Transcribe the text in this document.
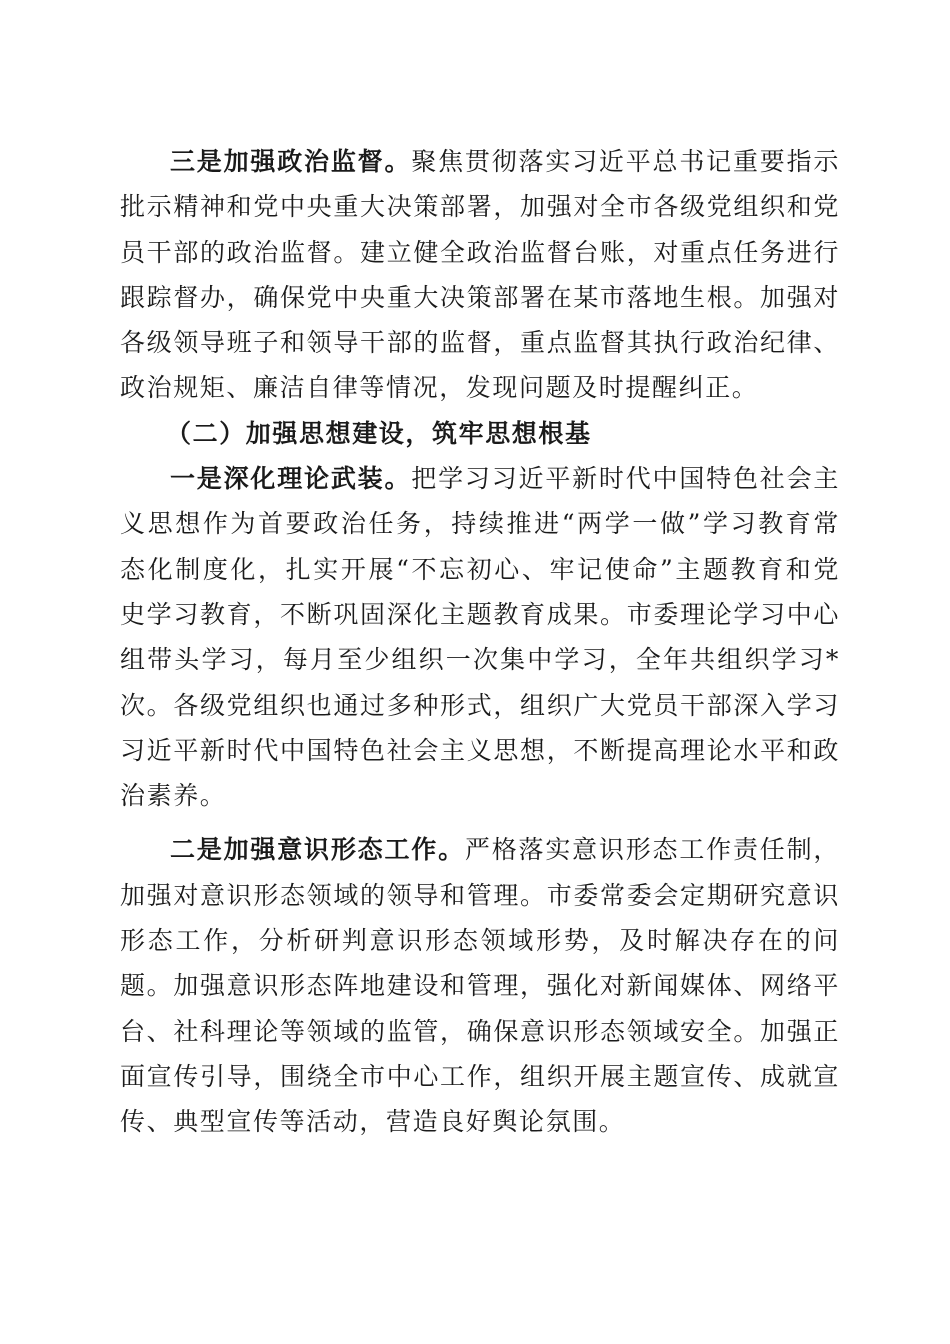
三是加强政治监督。聚焦贯彻落实习近平总书记重要指示批示精神和党中央重大决策部署，加强对全市各级党组织和党员干部的政治监督。建立健全政治监督台账，对重点任务进行跟踪督办，确保党中央重大决策部署在某市落地生根。加强对各级领导班子和领导干部的监督，重点监督其执行政治纪律、政治规矩、廉洁自律等情况，发现问题及时提醒纠正。

（二）加强思想建设，筑牢思想根基

一是深化理论武装。把学习习近平新时代中国特色社会主义思想作为首要政治任务，持续推进“两学一做”学习教育常态化制度化，扎实开展“不忘初心、牢记使命”主题教育和党史学习教育，不断巩固深化主题教育成果。市委理论学习中心组带头学习，每月至少组织一次集中学习，全年共组织学习*次。各级党组织也通过多种形式，组织广大党员干部深入学习习近平新时代中国特色社会主义思想，不断提高理论水平和政治素养。

二是加强意识形态工作。严格落实意识形态工作责任制，加强对意识形态领域的领导和管理。市委常委会定期研究意识形态工作，分析研判意识形态领域形势，及时解决存在的问题。加强意识形态阵地建设和管理，强化对新闻媒体、网络平台、社科理论等领域的监管，确保意识形态领域安全。加强正面宣传引导，围绕全市中心工作，组织开展主题宣传、成就宣传、典型宣传等活动，营造良好舆论氛围。
